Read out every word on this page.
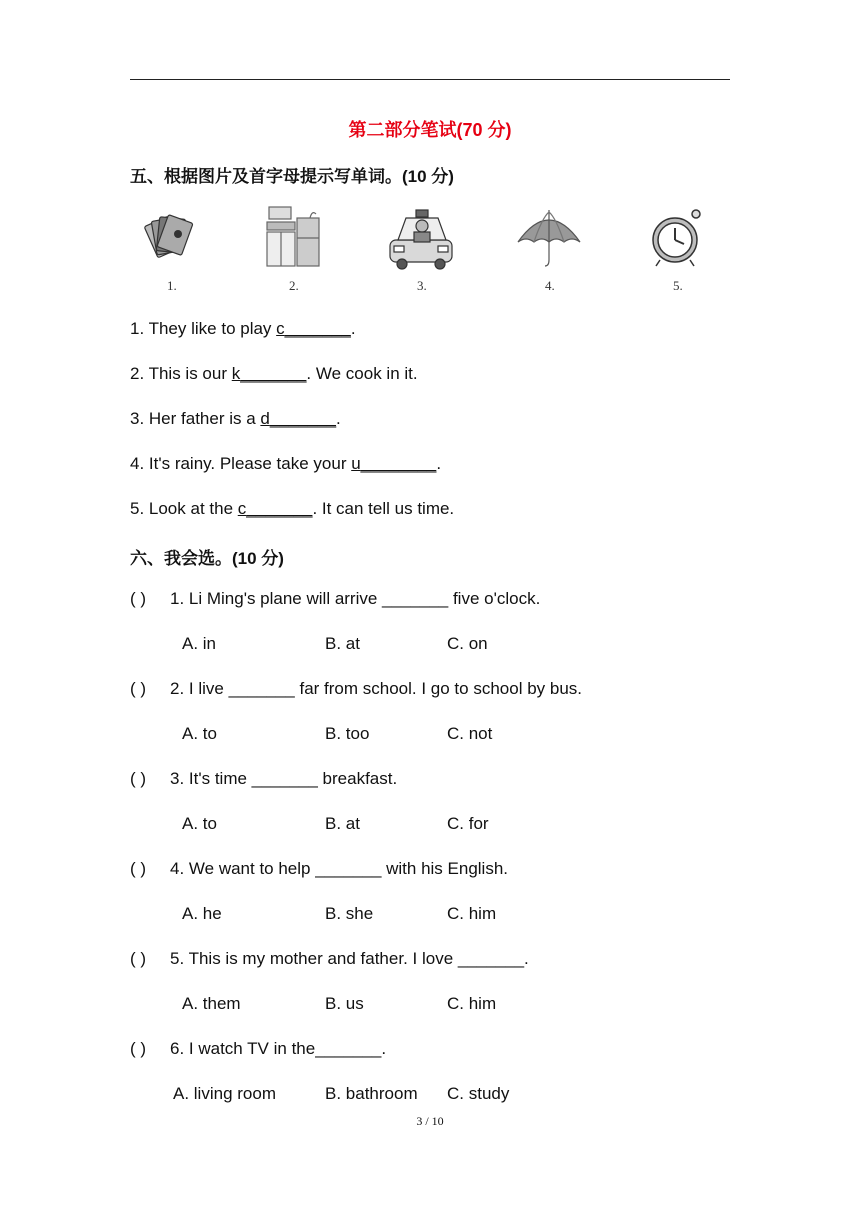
第二部分笔试(70 分)
五、根据图片及首字母提示写单词。(10 分)
1.	2.	3.	4.	5.
1. They like to play c_______.
2. This is our k_______. We cook in it.
3. Her father is a d_______.
4. It's rainy. Please take your u________.
5. Look at the c_______. It can tell us time.
六、我会选。(10 分)
( ) 1. Li Ming's plane will arrive _______ five o'clock.
A. in	B. at	C. on
( ) 2. I live _______ far from school. I go to school by bus.
A. to	B. too	C. not
( ) 3. It's time _______ breakfast.
A. to	B. at	C. for
( ) 4. We want to help _______ with his English.
A. he	B. she	C. him
( ) 5. This is my mother and father. I love _______.
A. them	B. us	C. him
( ) 6. I watch TV in the_______.
A. living room	B. bathroom C. study
3 / 10
